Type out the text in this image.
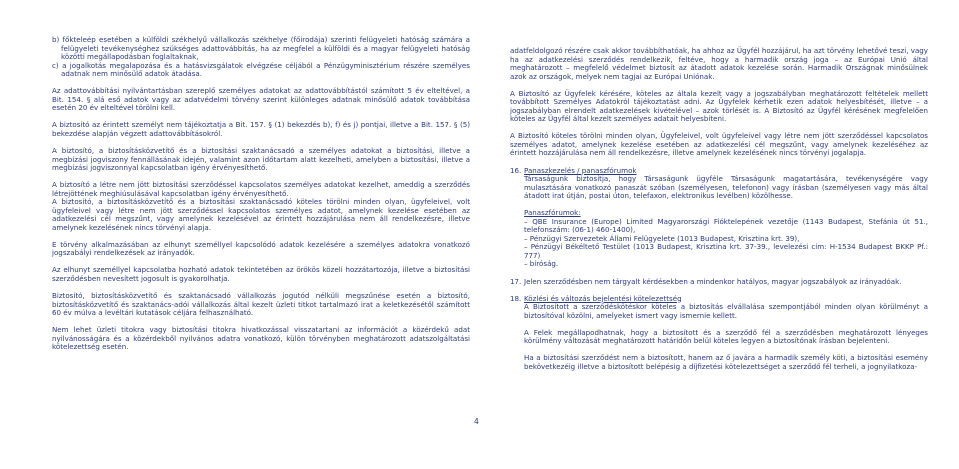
b) főkteleép esetében a külföldi székhelyű vállalkozás székhelye (főirodája) szerinti felügyeleti hatóság számára a felügyeleti tevékenységhez szükséges adattovábbítás, ha az megfelel a külföldi és a magyar felügyeleti hatóság közötti megállapodásban foglaltaknak,

c) a jogalkotás megalapozása és a hatásvizsgálatok elvégzése céljából a Pénzügyminisztérium részére személyes adatnak nem minősülő adatok átadása.

Az adattovábbítási nyilvántartásban szereplő személyes adatokat az adattovábbítástól számított 5 év elteltével, a Bit. 154. § alá eső adatok vagy az adatvédelmi törvény szerint különleges adatnak minősülő adatok továbbítása esetén 20 év elteltével törölni kell.

A biztosító az érintett személyt nem tájékoztatja a Bit. 157. § (1) bekezdés b), f) és j) pontjai, illetve a Bit. 157. § (5) bekezdése alapján végzett adattovábbításokról.

A biztosító, a biztosításközvetítő és a biztosítási szaktanácsadó a személyes adatokat a biztosítási, illetve a megbízási jogviszony fennállásának idején, valamint azon időtartam alatt kezelheti, amelyben a biztosítási, illetve a megbízási jogviszonnyal kapcsolatban igény érvényesíthető.

A biztosító a létre nem jött biztosítási szerződéssel kapcsolatos személyes adatokat kezelhet, ameddig a szerződés létrejöttének meghiúsulásával kapcsolatban igény érvényesíthető.

A biztosító, a biztosításközvetítő és a biztosítási szaktanácsadó köteles törölni minden olyan, ügyfeleivel, volt ügyfeleivel vagy létre nem jött szerződéssel kapcsolatos személyes adatot, amelynek kezelése esetében az adatkezelési cél megszűnt, vagy amelynek kezelésével az érintett hozzájárulása nem áll rendelkezésre, illetve amelynek kezelésének nincs törvényi alapja.

E törvény alkalmazásában az elhunyt személlyel kapcsolódó adatok kezelésére a személyes adatokra vonatkozó jogszabályi rendelkezések az irányadók.

Az elhunyt személlyel kapcsolatba hozható adatok tekintetében az örökös közeli hozzátartozója, illetve a biztosítási szerződésben nevesített jogosult is gyakorolhatja.

Biztosító, biztosításközvetítő és szaktanácsadó vállalkozás jogutód nélküli megszűnése esetén a biztosító, biztosításközvetítő és szaktanács-adói vállalkozás által kezelt üzleti titkot tartalmazó irat a keletkezésétől számított 60 év múlva a levéltári kutatások céljára felhasználható.

Nem lehet üzleti titokra vagy biztosítási titokra hivatkozással visszatartani az információt a közérdekű adat nyilvánosságára és a közérdekből nyilvános adatra vonatkozó, külön törvényben meghatározott adatszolgáltatási kötelezettség esetén.

4

adatfeldolgozó részére csak akkor továbbíthatóak, ha ahhoz az Ügyfél hozzájárul, ha azt törvény lehetővé teszi, vagy ha az adatkezelési szerződés rendelkezik, feltéve, hogy a harmadik ország joga – az Európai Unió által meghatározott – megfelelő védelmet biztosít az átadott adatok kezelése során. Harmadik Országnak minősülnek azok az országok, melyek nem tagjai az Európai Uniónak.

A Biztosító az Ügyfelek kérésére, köteles az általa kezelt vagy a jogszabályban meghatározott feltételek mellett továbbított Személyes Adatokról tájékoztatást adni. Az Ügyfelek kérhetik ezen adatok helyesbítését, illetve – a jogszabályban elrendelt adatkezelések kivételével – azok törlését is. A Biztosító az Ügyfél kérésének megfelelően köteles az Ügyfél által kezelt személyes adatait helyesbíteni.

A Biztosító köteles törölni minden olyan, Ügyfeleivel, volt ügyfeleivel vagy létre nem jött szerződéssel kapcsolatos személyes adatot, amelynek kezelése esetében az adatkezelési cél megszűnt, vagy amelynek kezeléséhez az érintett hozzájárulása nem áll rendelkezésre, illetve amelynek kezelésének nincs törvényi jogalapja.

16. Panaszkezelés / panaszfórumok

Társaságunk biztosítja, hogy Társaságunk ügyféle Társaságunk magatartására, tevékenységére vagy mulasztására vonatkozó panaszát szóban (személyesen, telefonon) vagy írásban (személyesen vagy más által átadott irat útján, postai úton, telefaxon, elektronikus levélben) közölhesse.

Panaszfórumok:

– QBE Insurance (Europe) Limited Magyarországi Fióktelepének vezetője (1143 Budapest, Stefánia út 51., telefonszám: (06-1) 460-1400),

– Pénzügyi Szervezetek Állami Felügyelete (1013 Budapest, Krisztina krt. 39),

– Pénzügyi Békéltető Testület (1013 Budapest, Krisztina krt. 37-39., levelezési cím: H-1534 Budapest BKKP Pf.: 777)

– bíróság.

17. Jelen szerződésben nem tárgyalt kérdésekben a mindenkor hatályos, magyar jogszabályok az irányadóak.

18. Közlési és változás bejelentési kötelezettség

A Biztosított a szerződéskötéskor köteles a biztosítás elvállalása szempontjából minden olyan körülményt a biztosítóval közölni, amelyeket ismert vagy ismernie kellett.

A Felek megállapodhatnak, hogy a biztosított és a szerződő fél a szerződésben meghatározott lényeges körülmény változását meghatározott határidőn belül köteles legyen a biztosítónak írásban bejelenteni.

Ha a biztosítási szerződést nem a biztosított, hanem az ő javára a harmadik személy köti, a biztosítási esemény bekövetkezéig illetve a biztosított belépésig a díjfizetési kötelezettséget a szerződő fél terheli, a jognyilatkoza-
